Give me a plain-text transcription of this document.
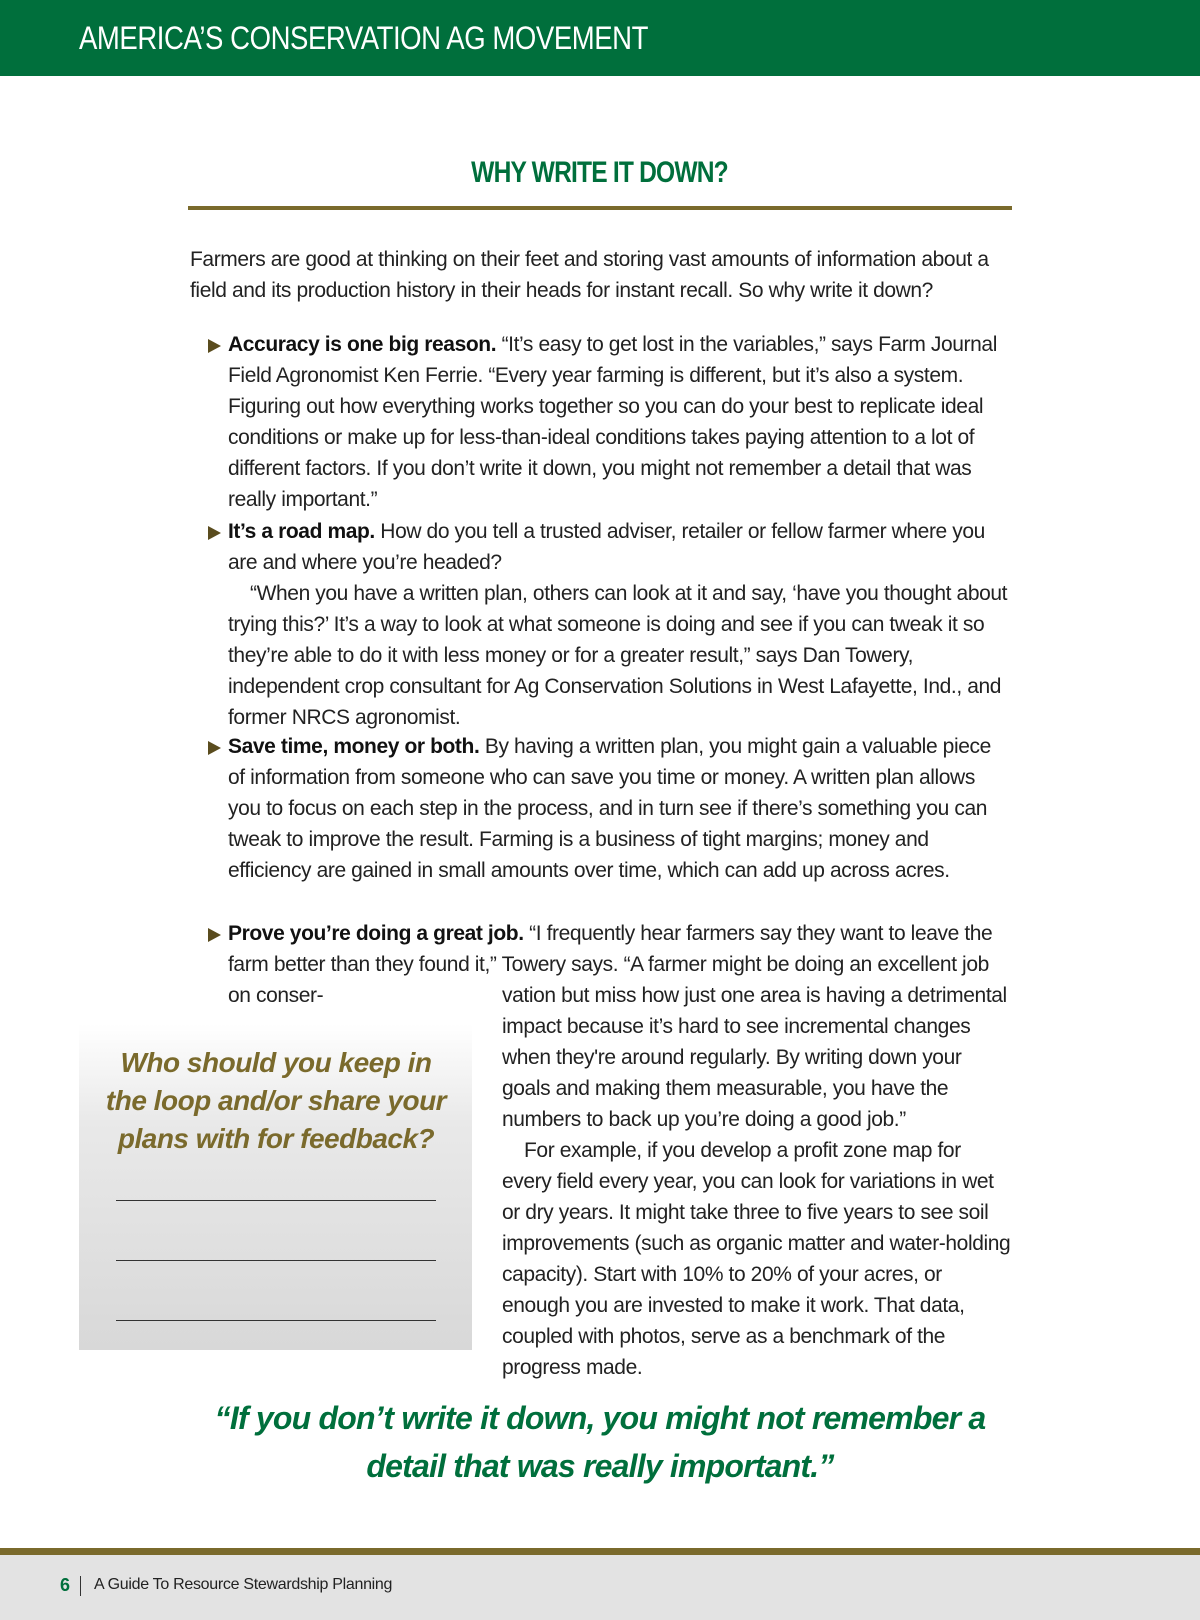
AMERICA’S CONSERVATION AG MOVEMENT
WHY WRITE IT DOWN?
Farmers are good at thinking on their feet and storing vast amounts of information about a field and its production history in their heads for instant recall. So why write it down?
Accuracy is one big reason. “It’s easy to get lost in the variables,” says Farm Journal Field Agronomist Ken Ferrie. “Every year farming is different, but it’s also a system. Figuring out how everything works together so you can do your best to replicate ideal conditions or make up for less-than-ideal conditions takes paying attention to a lot of different factors. If you don’t write it down, you might not remember a detail that was really important.”
It’s a road map. How do you tell a trusted adviser, retailer or fellow farmer where you are and where you’re headed?
“When you have a written plan, others can look at it and say, ‘have you thought about trying this?’ It’s a way to look at what someone is doing and see if you can tweak it so they’re able to do it with less money or for a greater result,” says Dan Towery, independent crop consultant for Ag Conservation Solutions in West Lafayette, Ind., and former NRCS agronomist.
Save time, money or both. By having a written plan, you might gain a valuable piece of information from someone who can save you time or money. A written plan allows you to focus on each step in the process, and in turn see if there’s something you can tweak to improve the result. Farming is a business of tight margins; money and efficiency are gained in small amounts over time, which can add up across acres.
Prove you’re doing a great job. “I frequently hear farmers say they want to leave the farm better than they found it,” Towery says. “A farmer might be doing an excellent job on conser-	vation but miss how just one area is having a detrimental impact because it’s hard to see incremental changes when they're around regularly. By writing down your goals and making them measurable, you have the numbers to back up you’re doing a good job.”
For example, if you develop a profit zone map for every field every year, you can look for variations in wet or dry years. It might take three to five years to see soil improvements (such as organic matter and water-holding capacity). Start with 10% to 20% of your acres, or enough you are invested to make it work. That data, coupled with photos, serve as a benchmark of the progress made.
Who should you keep in the loop and/or share your plans with for feedback?
“If you don’t write it down, you might not remember a detail that was really important.”
6 A Guide To Resource Stewardship Planning
